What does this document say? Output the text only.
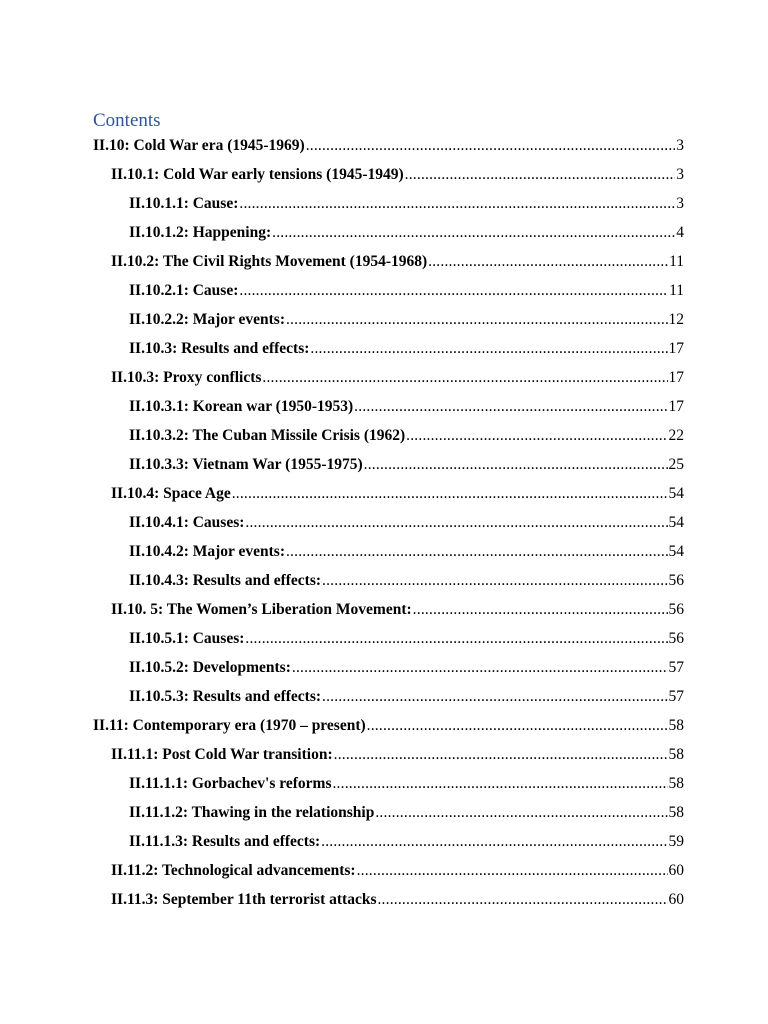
Contents
II.10: Cold War era (1945-1969) .....	3
II.10.1: Cold War early tensions (1945-1949) .....	3
II.10.1.1: Cause: .....	3
II.10.1.2: Happening: .....	4
II.10.2: The Civil Rights Movement (1954-1968) .....	11
II.10.2.1: Cause: .....	11
II.10.2.2: Major events: .....	12
II.10.3: Results and effects: .....	17
II.10.3: Proxy conflicts .....	17
II.10.3.1: Korean war (1950-1953) .....	17
II.10.3.2: The Cuban Missile Crisis (1962) .....	22
II.10.3.3: Vietnam War (1955-1975) .....	25
II.10.4: Space Age .....	54
II.10.4.1: Causes: .....	54
II.10.4.2: Major events: .....	54
II.10.4.3: Results and effects: .....	56
II.10. 5: The Women’s Liberation Movement: .....	56
II.10.5.1: Causes: .....	56
II.10.5.2: Developments: .....	57
II.10.5.3: Results and effects: .....	57
II.11: Contemporary era (1970 – present) .....	58
II.11.1: Post Cold War transition: .....	58
II.11.1.1: Gorbachev's reforms .....	58
II.11.1.2: Thawing in the relationship .....	58
II.11.1.3: Results and effects: .....	59
II.11.2: Technological advancements: .....	60
II.11.3: September 11th terrorist attacks .....	60
